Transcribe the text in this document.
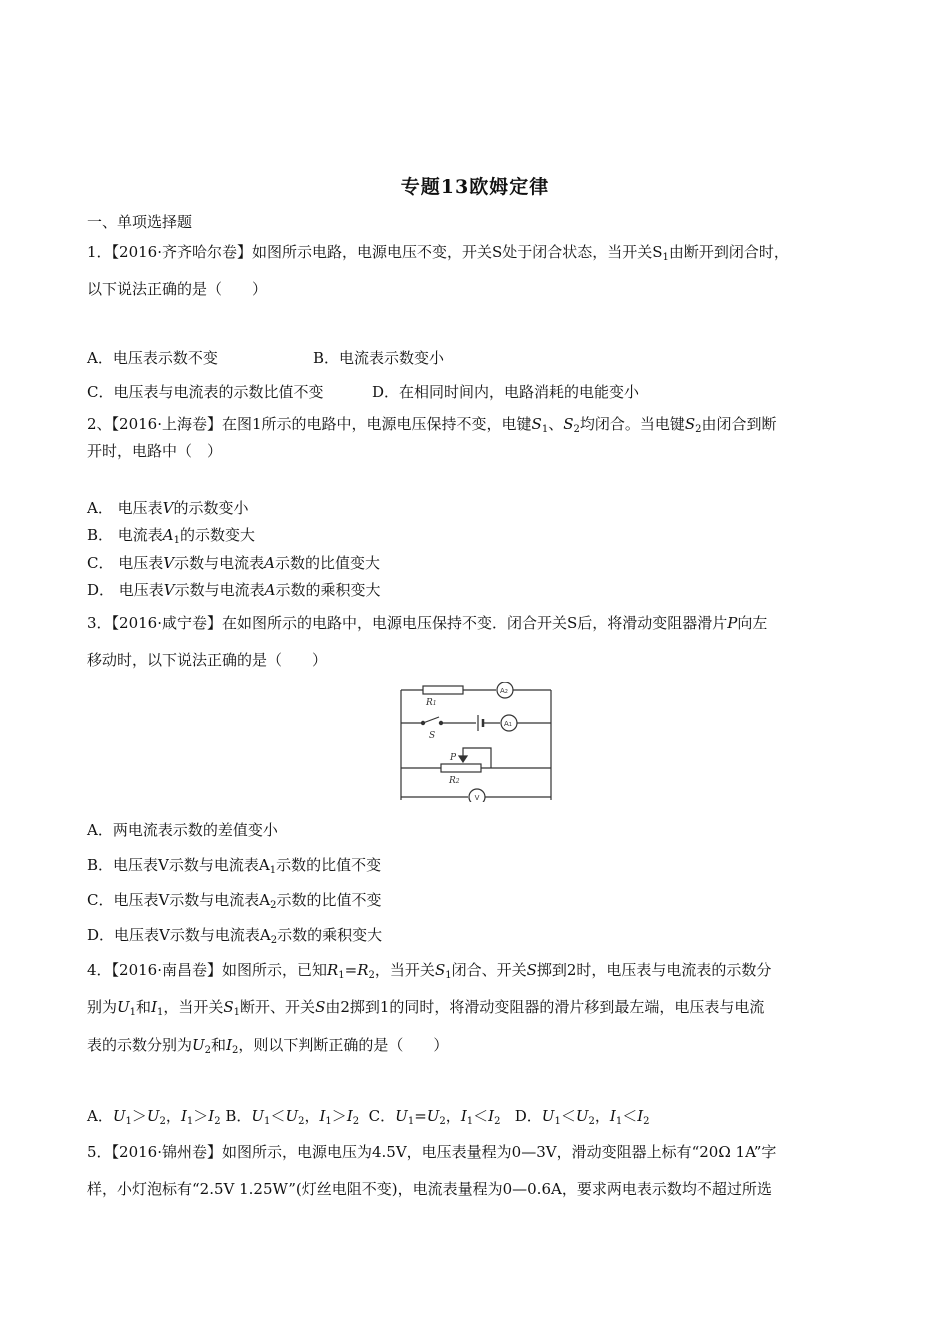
专题13欧姆定律
一、单项选择题
1．【2016·齐齐哈尔卷】如图所示电路，电源电压不变，开关S处于闭合状态，当开关$S_1$由断开到闭合时，
以下说法正确的是（　　）
A．电压表示数不变	B．电流表示数变小
C．电压表与电流表的示数比值不变	D．在相同时间内，电路消耗的电能变小
2、【2016·上海卷】在图1所示的电路中，电源电压保持不变，电键$S_1$、$S_2$均闭合。当电键$S_2$由闭合到断
开时，电路中（　）
A． 电压表V的示数变小
B． 电流表$A_1$的示数变大
C． 电压表V示数与电流表A示数的比值变大
D． 电压表V示数与电流表A示数的乘积变大
3．【2016·咸宁卷】在如图所示的电路中，电源电压保持不变．闭合开关S后，将滑动变阻器滑片P向左
移动时，以下说法正确的是（　　）
R1
S
P
R2
A2
A1
V
A．两电流表示数的差值变小
B．电压表V示数与电流表$A_1$示数的比值不变
C．电压表V示数与电流表$A_2$示数的比值不变
D．电压表V示数与电流表$A_2$示数的乘积变大
4．【2016·南昌卷】如图所示，已知$R_1=R_2$，当开关$S_1$闭合、开关S掷到2时，电压表与电流表的示数分
别为$U_1$和$I_1$，当开关$S_1$断开、开关S由2掷到1的同时，将滑动变阻器的滑片移到最左端，电压表与电流
表的示数分别为$U_2$和$I_2$，则以下判断正确的是（　　）
A．$U_1>U_2$，$I_1>I_2$ B．$U_1<U_2$，$I_1>I_2$ C．$U_1=U_2$，$I_1<I_2$ D．$U_1<U_2$，$I_1<I_2$
5．【2016·锦州卷】如图所示，电源电压为4.5V，电压表量程为0—3V，滑动变阻器上标有“20Ω 1A”字
样，小灯泡标有“2.5V 1.25W”(灯丝电阻不变)，电流表量程为0—0.6A，要求两电表示数均不超过所选
